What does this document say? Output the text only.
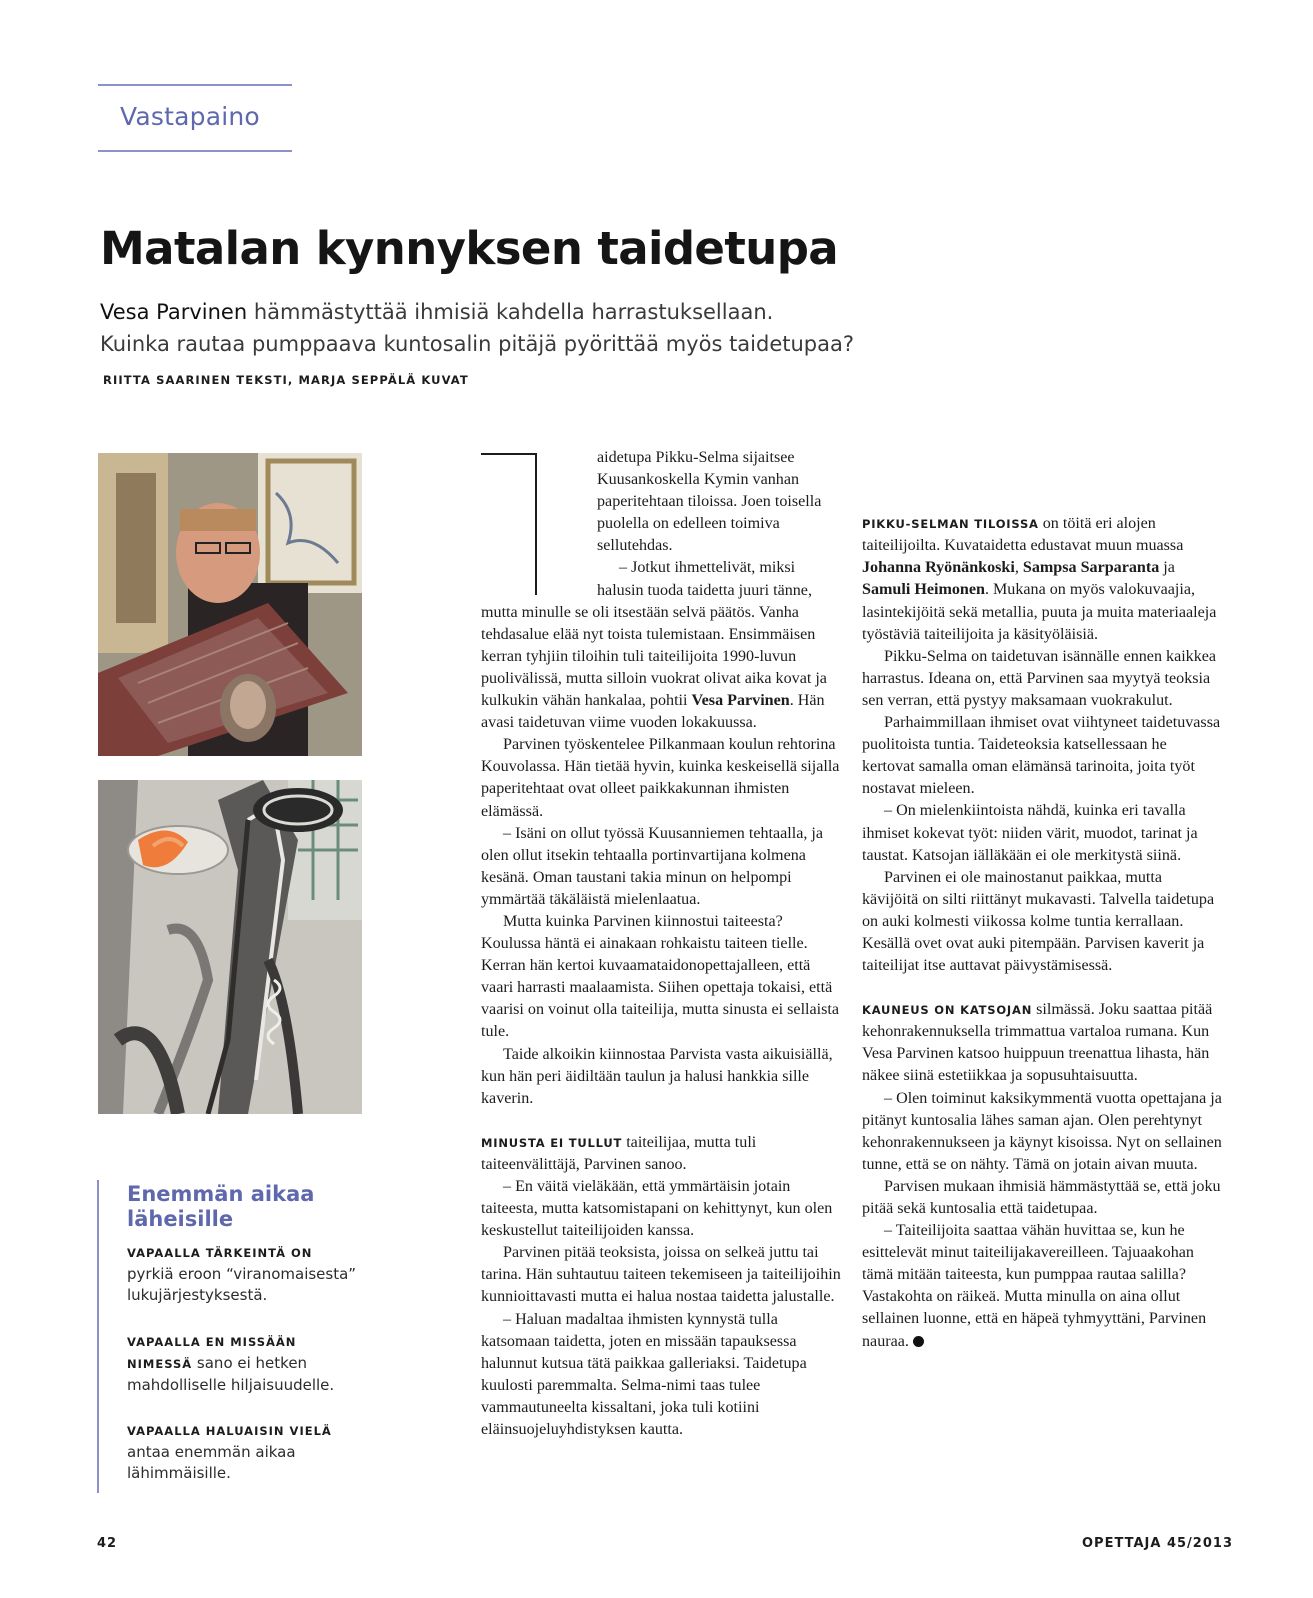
Vastapaino
Matalan kynnyksen taidetupa
Vesa Parvinen hämmästyttää ihmisiä kahdella harrastuksellaan.
Kuinka rautaa pumppaava kuntosalin pitäjä pyörittää myös taidetupaa?
RIITTA SAARINEN TEKSTI, MARJA SEPPÄLÄ KUVAT
Enemmän aikaa läheisille
VAPAALLA TÄRKEINTÄ ON pyrkiä eroon “viranomaisesta” lukujärjestyksestä.
VAPAALLA EN MISSÄÄN NIMESSÄ sano ei hetken mahdolliselle hiljaisuudelle.
VAPAALLA HALUAISIN VIELÄ antaa enemmän aikaa lähimmäisille.

aidetupa Pikku-Selma sijaitsee Kuusankoskella Kymin vanhan paperitehtaan tiloissa. Joen toisella puolella on edelleen toimiva sellutehdas.

– Jotkut ihmettelivät, miksi halusin tuoda taidetta juuri tänne, mutta minulle se oli itsestään selvä päätös. Vanha tehdasalue elää nyt toista tulemistaan. Ensimmäisen kerran tyhjiin tiloihin tuli taiteilijoita 1990-luvun puolivälissä, mutta silloin vuokrat olivat aika kovat ja kulkukin vähän hankalaa, pohtii Vesa Parvinen. Hän avasi taidetuvan viime vuoden lokakuussa.

Parvinen työskentelee Pilkanmaan koulun rehtorina Kouvolassa. Hän tietää hyvin, kuinka keskeisellä sijalla paperitehtaat ovat olleet paikkakunnan ihmisten elämässä.

– Isäni on ollut työssä Kuusanniemen tehtaalla, ja olen ollut itsekin tehtaalla portinvartijana kolmena kesänä. Oman taustani takia minun on helpompi ymmärtää täkäläistä mielenlaatua.

Mutta kuinka Parvinen kiinnostui taiteesta? Koulussa häntä ei ainakaan rohkaistu taiteen tielle. Kerran hän kertoi kuvaamataidonopettajalleen, että vaari harrasti maalaamista. Siihen opettaja tokaisi, että vaarisi on voinut olla taiteilija, mutta sinusta ei sellaista tule.

Taide alkoikin kiinnostaa Parvista vasta aikuisiällä, kun hän peri äidiltään taulun ja halusi hankkia sille kaverin.

MINUSTA EI TULLUT taiteilijaa, mutta tuli taiteenvälittäjä, Parvinen sanoo.

– En väitä vieläkään, että ymmärtäisin jotain taiteesta, mutta katsomistapani on kehittynyt, kun olen keskustellut taiteilijoiden kanssa.

Parvinen pitää teoksista, joissa on selkeä juttu tai tarina. Hän suhtautuu taiteen tekemiseen ja taiteilijoihin kunnioittavasti mutta ei halua nostaa taidetta jalustalle.

– Haluan madaltaa ihmisten kynnystä tulla katsomaan taidetta, joten en missään tapauksessa halunnut kutsua tätä paikkaa galleriaksi. Taidetupa kuulosti paremmalta. Selma-nimi taas tulee vammautuneelta kissaltani, joka tuli kotiini eläinsuojeluyhdistyksen kautta.

PIKKU-SELMAN TILOISSA on töitä eri alojen taiteilijoilta. Kuvataidetta edustavat muun muassa Johanna Ryönänkoski, Sampsa Sarparanta ja Samuli Heimonen. Mukana on myös valokuvaajia, lasintekijöitä sekä metallia, puuta ja muita materiaaleja työstäviä taiteilijoita ja käsityöläisiä.

Pikku-Selma on taidetuvan isännälle ennen kaikkea harrastus. Ideana on, että Parvinen saa myytyä teoksia sen verran, että pystyy maksamaan vuokrakulut.

Parhaimmillaan ihmiset ovat viihtyneet taidetuvassa puolitoista tuntia. Taideteoksia katsellessaan he kertovat samalla oman elämänsä tarinoita, joita työt nostavat mieleen.

– On mielenkiintoista nähdä, kuinka eri tavalla ihmiset kokevat työt: niiden värit, muodot, tarinat ja taustat. Katsojan iälläkään ei ole merkitystä siinä.

Parvinen ei ole mainostanut paikkaa, mutta kävijöitä on silti riittänyt mukavasti. Talvella taidetupa on auki kolmesti viikossa kolme tuntia kerrallaan. Kesällä ovet ovat auki pitempään. Parvisen kaverit ja taiteilijat itse auttavat päivystämisessä.

KAUNEUS ON KATSOJAN silmässä. Joku saattaa pitää kehonrakennuksella trimmattua vartaloa rumana. Kun Vesa Parvinen katsoo huippuun treenattua lihasta, hän näkee siinä estetiikkaa ja sopusuhtaisuutta.

– Olen toiminut kaksikymmentä vuotta opettajana ja pitänyt kuntosalia lähes saman ajan. Olen perehtynyt kehonrakennukseen ja käynyt kisoissa. Nyt on sellainen tunne, että se on nähty. Tämä on jotain aivan muuta.

Parvisen mukaan ihmisiä hämmästyttää se, että joku pitää sekä kuntosalia että taidetupaa.

– Taiteilijoita saattaa vähän huvittaa se, kun he esittelevät minut taiteilijakavereilleen. Tajuaakohan tämä mitään taiteesta, kun pumppaa rautaa salilla? Vastakohta on räikeä. Mutta minulla on aina ollut sellainen luonne, että en häpeä tyhmyyttäni, Parvinen nauraa.

42	OPETTAJA 45/2013
